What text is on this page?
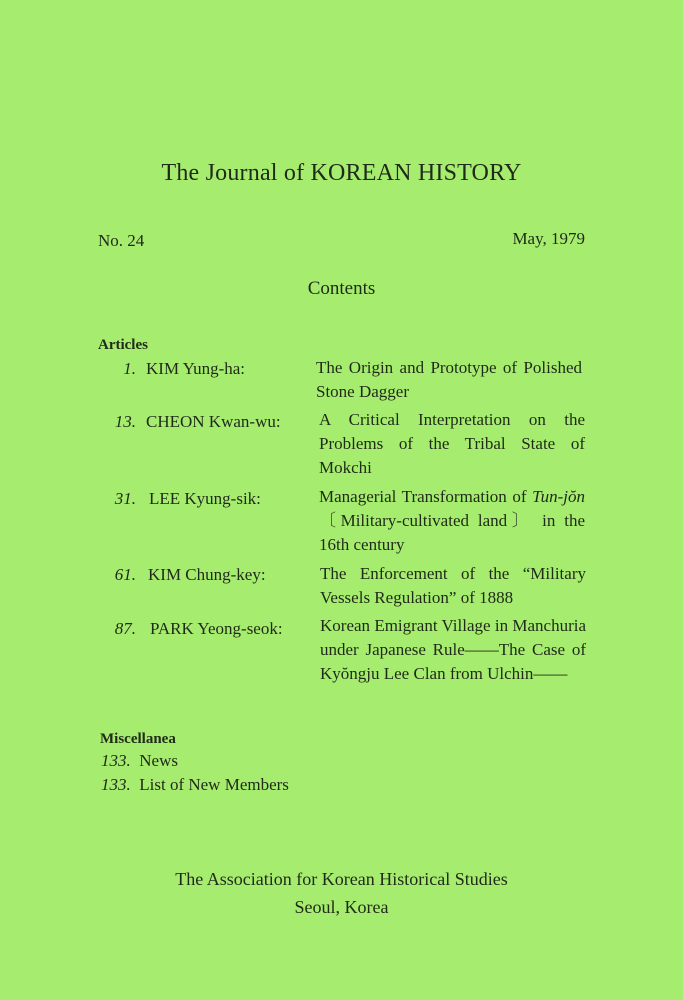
The Journal of KOREAN HISTORY
No. 24	May, 1979
Contents
Articles
1. KIM Yung-ha:	The Origin and Prototype of Polished Stone Dagger
13. CHEON Kwan-wu: A Critical Interpretation on the Problems of the Tribal State of Mokchi
31. LEE Kyung-sik:	Managerial Transformation of Tun-jŏn〔Military-cultivated land〕 in the 16th century
61. KIM Chung-key:	The Enforcement of the “Military Vessels Regulation” of 1888
87. PARK Yeong-seok: Korean Emigrant Village in Manchuria under Japanese Rule——The Case of Kyŏngju Lee Clan from Ulchin——
Miscellanea
133. News
133. List of New Members
The Association for Korean Historical Studies
Seoul, Korea
